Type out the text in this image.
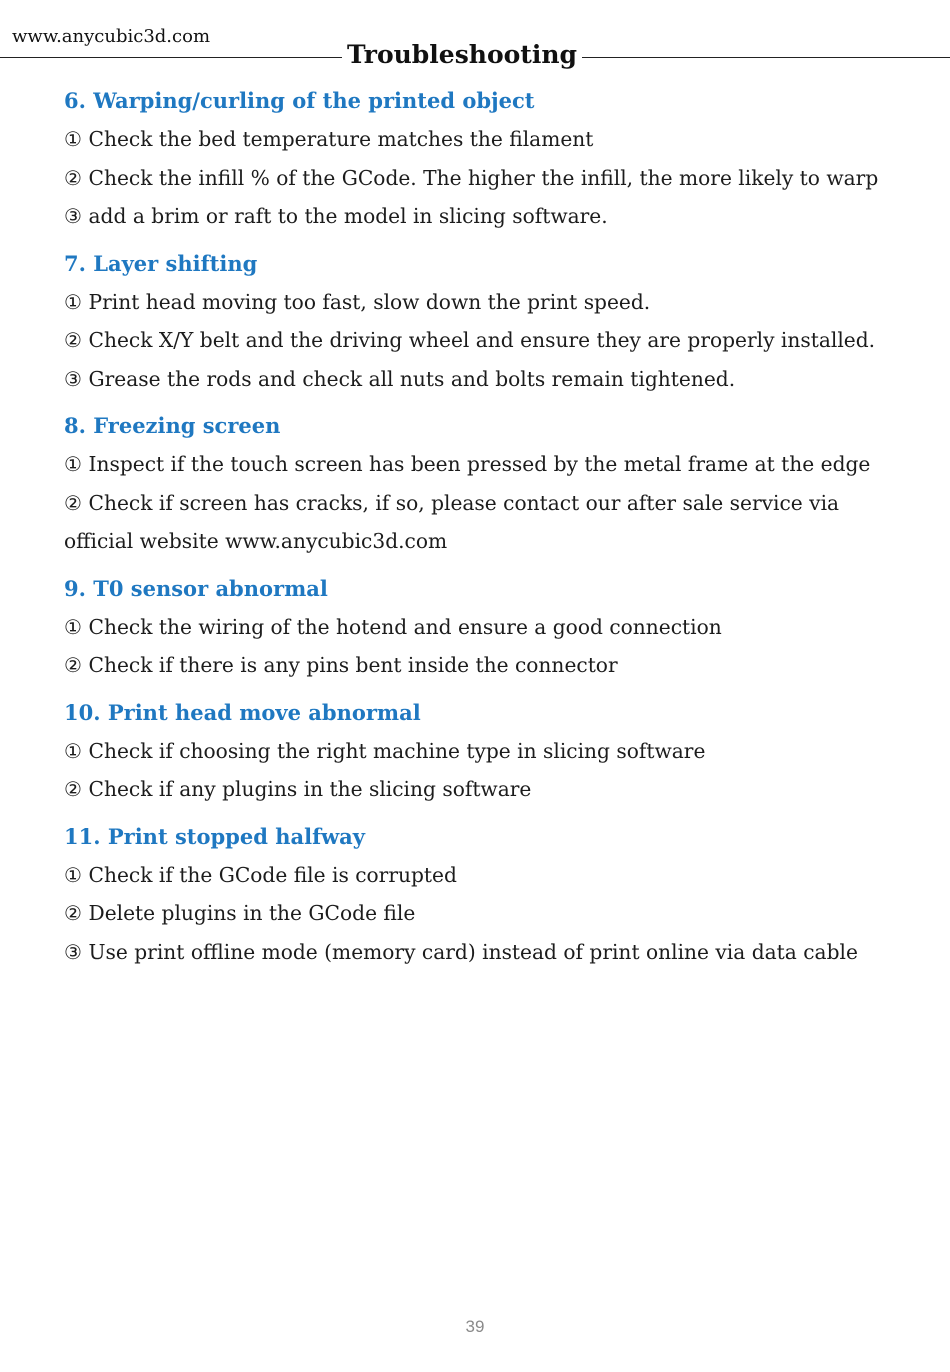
www.anycubic3d.com
Troubleshooting

6. Warping/curling of the printed object

① Check the bed temperature matches the filament

② Check the infill % of the GCode. The higher the infill, the more likely to warp

③ add a brim or raft to the model in slicing software.

7. Layer shifting

① Print head moving too fast, slow down the print speed.

② Check X/Y belt and the driving wheel and ensure they are properly installed.

③ Grease the rods and check all nuts and bolts remain tightened.

8. Freezing screen

① Inspect if the touch screen has been pressed by the metal frame at the edge

② Check if screen has cracks, if so, please contact our after sale service via official website www.anycubic3d.com

9. T0 sensor abnormal

① Check the wiring of the hotend and ensure a good connection

② Check if there is any pins bent inside the connector

10. Print head move abnormal

① Check if choosing the right machine type in slicing software

② Check if any plugins in the slicing software

11. Print stopped halfway

① Check if the GCode file is corrupted

② Delete plugins in the GCode file

③ Use print offline mode (memory card) instead of print online via data cable

39
